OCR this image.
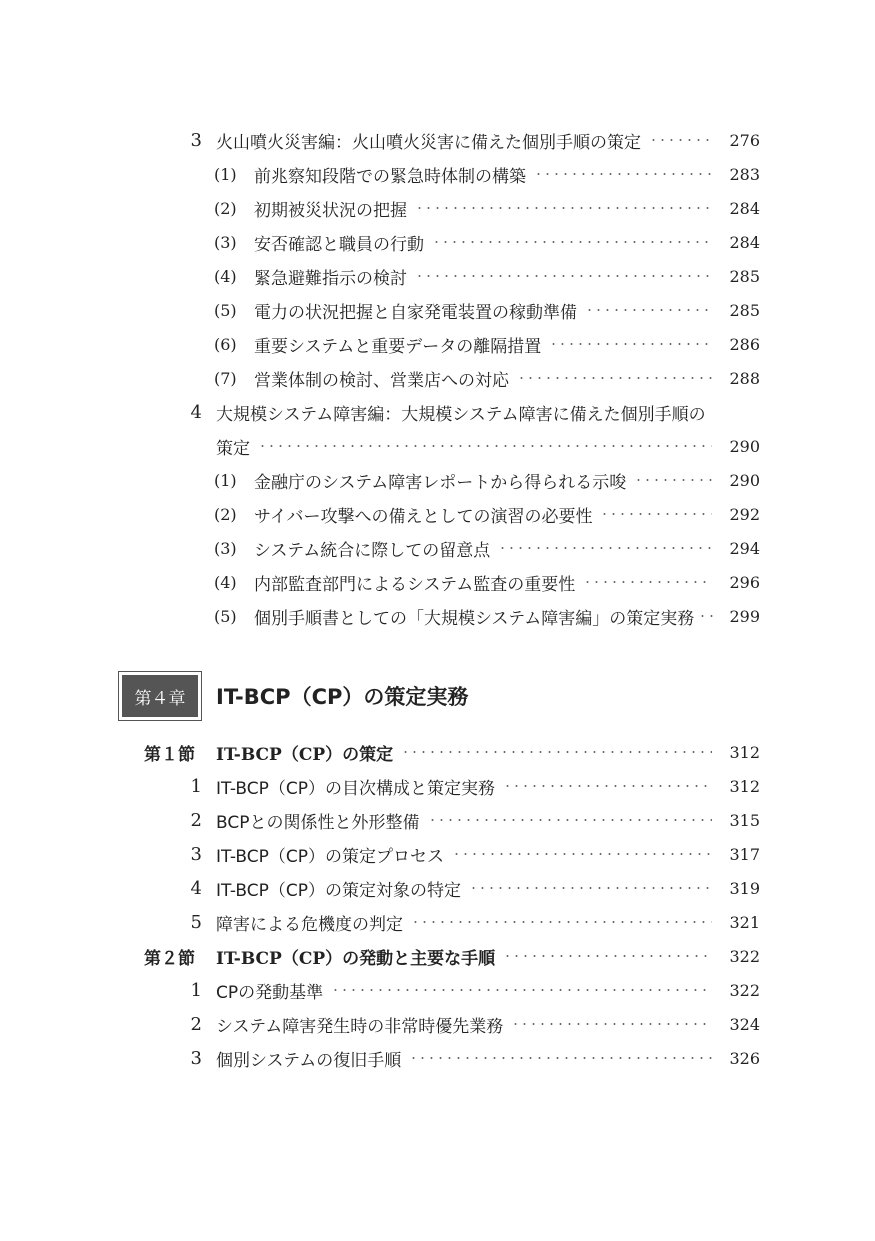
3 火山噴火災害編：火山噴火災害に備えた個別手順の策定	276
(1)	前兆察知段階での緊急時体制の構築	283
(2)	初期被災状況の把握	284
(3)	安否確認と職員の行動	284
(4)	緊急避難指示の検討	285
(5)	電力の状況把握と自家発電装置の稼動準備	285
(6)	重要システムと重要データの離隔措置	286
(7)	営業体制の検討、営業店への対応	288
4 大規模システム障害編：大規模システム障害に備えた個別手順の
策定	290
(1)	金融庁のシステム障害レポートから得られる示唆	290
(2)	サイバー攻撃への備えとしての演習の必要性	292
(3)	システム統合に際しての留意点	294
(4)	内部監査部門によるシステム監査の重要性	296
(5)	個別手順書としての「大規模システム障害編」の策定実務	299
第４章	IT-BCP（CP）の策定実務
第１節	IT-BCP（CP）の策定	312
1 IT-BCP（CP）の目次構成と策定実務	312
2 BCPとの関係性と外形整備	315
3 IT-BCP（CP）の策定プロセス	317
4 IT-BCP（CP）の策定対象の特定	319
5 障害による危機度の判定	321
第２節	IT-BCP（CP）の発動と主要な手順	322
1 CPの発動基準	322
2 システム障害発生時の非常時優先業務	324
3 個別システムの復旧手順	326
